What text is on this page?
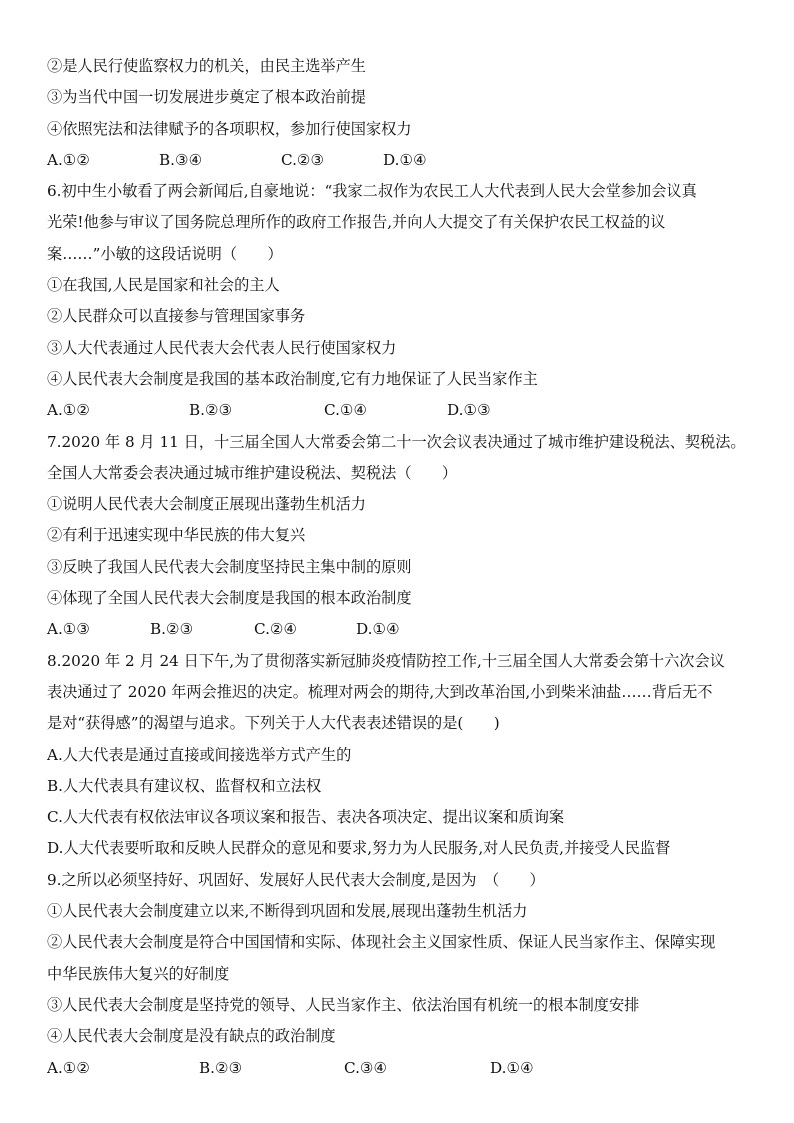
②是人民行使监察权力的机关，由民主选举产生
③为当代中国一切发展进步奠定了根本政治前提
④依照宪法和法律赋予的各项职权，参加行使国家权力
A.①②	B.③④	C.②③	D.①④
6.初中生小敏看了两会新闻后,自豪地说：“我家二叔作为农民工人大代表到人民大会堂参加会议真
光荣!他参与审议了国务院总理所作的政府工作报告,并向人大提交了有关保护农民工权益的议
案……”小敏的这段话说明（　　）
①在我国,人民是国家和社会的主人
②人民群众可以直接参与管理国家事务
③人大代表通过人民代表大会代表人民行使国家权力
④人民代表大会制度是我国的基本政治制度,它有力地保证了人民当家作主
A.①②	B.②③	C.①④	D.①③
7.2020 年 8 月 11 日，十三届全国人大常委会第二十一次会议表决通过了城市维护建设税法、契税法。
全国人大常委会表决通过城市维护建设税法、契税法（　　）
①说明人民代表大会制度正展现出蓬勃生机活力
②有利于迅速实现中华民族的伟大复兴
③反映了我国人民代表大会制度坚持民主集中制的原则
④体现了全国人民代表大会制度是我国的根本政治制度
A.①③	B.②③	C.②④	D.①④
8.2020 年 2 月 24 日下午,为了贯彻落实新冠肺炎疫情防控工作,十三届全国人大常委会第十六次会议
表决通过了 2020 年两会推迟的决定。梳理对两会的期待,大到改革治国,小到柴米油盐……背后无不
是对“获得感”的渴望与追求。下列关于人大代表表述错误的是(　　)
A.人大代表是通过直接或间接选举方式产生的
B.人大代表具有建议权、监督权和立法权
C.人大代表有权依法审议各项议案和报告、表决各项决定、提出议案和质询案
D.人大代表要听取和反映人民群众的意见和要求,努力为人民服务,对人民负责,并接受人民监督
9.之所以必须坚持好、巩固好、发展好人民代表大会制度,是因为　（　　）
①人民代表大会制度建立以来,不断得到巩固和发展,展现出蓬勃生机活力
②人民代表大会制度是符合中国国情和实际、体现社会主义国家性质、保证人民当家作主、保障实现
中华民族伟大复兴的好制度
③人民代表大会制度是坚持党的领导、人民当家作主、依法治国有机统一的根本制度安排
④人民代表大会制度是没有缺点的政治制度
A.①②	B.②③	C.③④	D.①④
